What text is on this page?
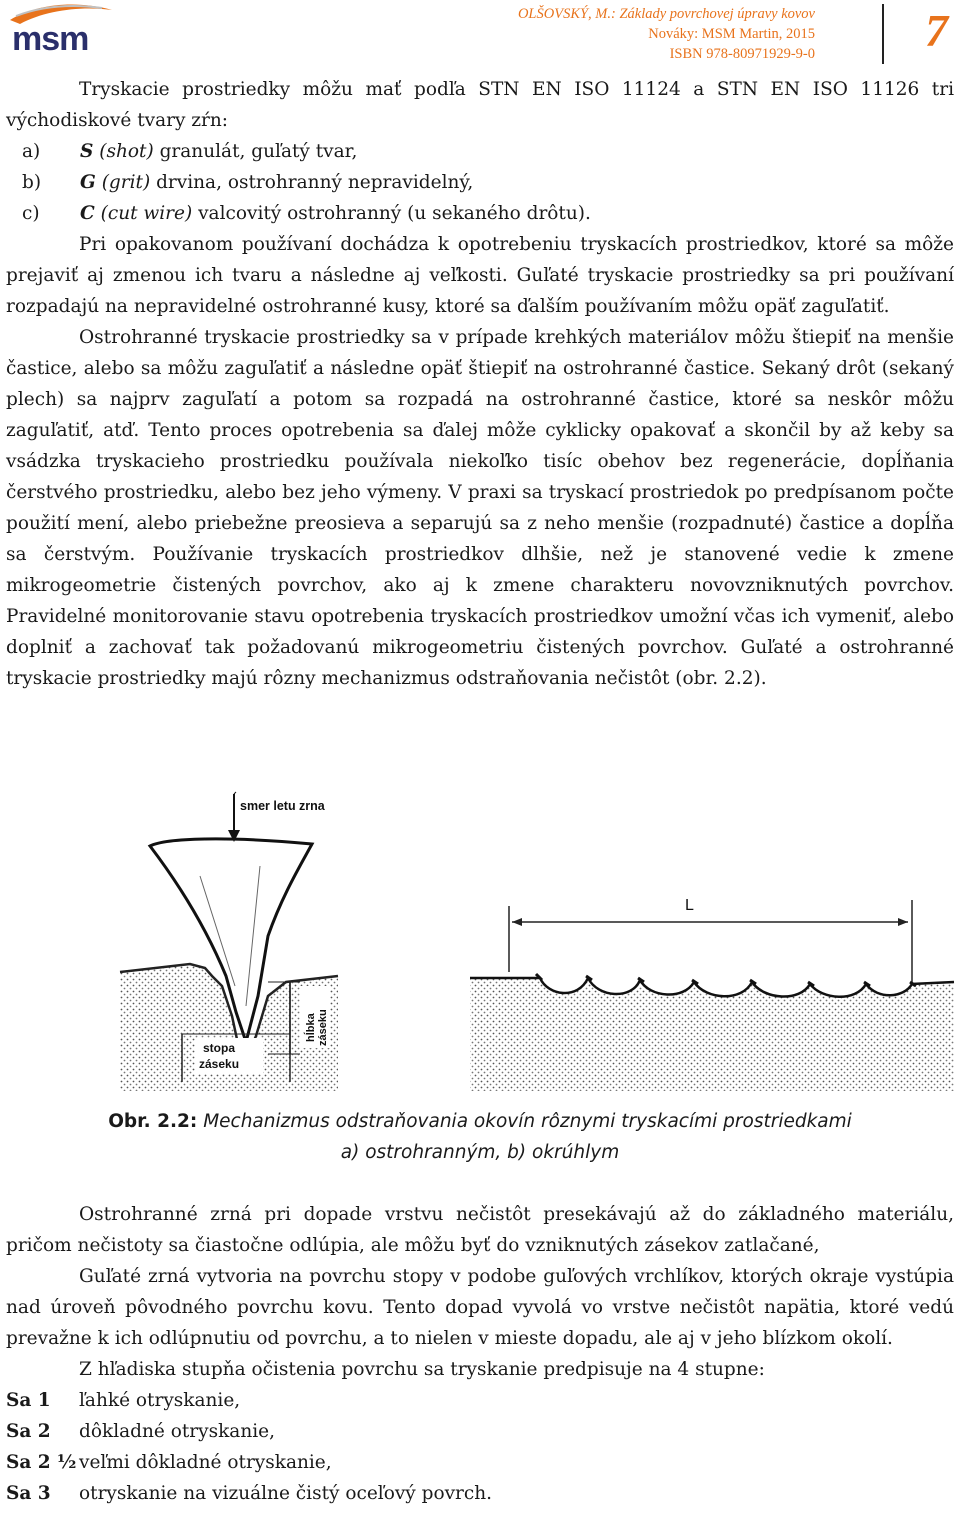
msm
OLŠOVSKÝ, M.: Základy povrchovej úpravy kovov
Nováky: MSM Martin, 2015
ISBN 978-80971929-9-0 7

Tryskacie prostriedky môžu mať podľa STN EN ISO 11124 a STN EN ISO 11126 tri východiskové tvary zŕn:

a) S (shot) granulát, guľatý tvar,

b) G (grit) drvina, ostrohranný nepravidelný,

c) C (cut wire) valcovitý ostrohranný (u sekaného drôtu).

Pri opakovanom používaní dochádza k opotrebeniu tryskacích prostriedkov, ktoré sa môže prejaviť aj zmenou ich tvaru a následne aj veľkosti. Guľaté tryskacie prostriedky sa pri používaní rozpadajú na nepravidelné ostrohranné kusy, ktoré sa ďalším používaním môžu opäť zaguľatiť.

Ostrohranné tryskacie prostriedky sa v prípade krehkých materiálov môžu štiepiť na menšie častice, alebo sa môžu zaguľatiť a následne opäť štiepiť na ostrohranné častice. Sekaný drôt (sekaný plech) sa najprv zaguľatí a potom sa rozpadá na ostrohranné častice, ktoré sa neskôr môžu zaguľatiť, atď. Tento proces opotrebenia sa ďalej môže cyklicky opakovať a skončil by až keby sa vsádzka tryskacieho prostriedku používala niekoľko tisíc obehov bez regenerácie, dopĺňania čerstvého prostriedku, alebo bez jeho výmeny. V praxi sa tryskací prostriedok po predpísanom počte použití mení, alebo priebežne preosieva a separujú sa z neho menšie (rozpadnuté) častice a dopĺňa sa čerstvým. Používanie tryskacích prostriedkov dlhšie, než je stanovené vedie k zmene mikrogeometrie čistených povrchov, ako aj k zmene charakteru novovzniknutých povrchov. Pravidelné monitorovanie stavu opotrebenia tryskacích prostriedkov umožní včas ich vymeniť, alebo doplniť a zachovať tak požadovanú mikrogeometriu čistených povrchov. Guľaté a ostrohranné tryskacie prostriedky majú rôzny mechanizmus odstraňovania nečistôt (obr. 2.2).

smer letu zrna
stopa
záseku
hĺbka záseku
L
Obr. 2.2: Mechanizmus odstraňovania okovín rôznymi tryskacími prostriedkami
a) ostrohranným, b) okrúhlym

Ostrohranné zrná pri dopade vrstvu nečistôt presekávajú až do základného materiálu, pričom nečistoty sa čiastočne odlúpia, ale môžu byť do vzniknutých zásekov zatlačané,

Guľaté zrná vytvoria na povrchu stopy v podobe guľových vrchlíkov, ktorých okraje vystúpia nad úroveň pôvodného povrchu kovu. Tento dopad vyvolá vo vrstve nečistôt napätia, ktoré vedú prevažne k ich odlúpnutiu od povrchu, a to nielen v mieste dopadu, ale aj v jeho blízkom okolí.

Z hľadiska stupňa očistenia povrchu sa tryskanie predpisuje na 4 stupne:

Sa 1 ľahké otryskanie,

Sa 2 dôkladné otryskanie,

Sa 2 ½ veľmi dôkladné otryskanie,

Sa 3 otryskanie na vizuálne čistý oceľový povrch.
